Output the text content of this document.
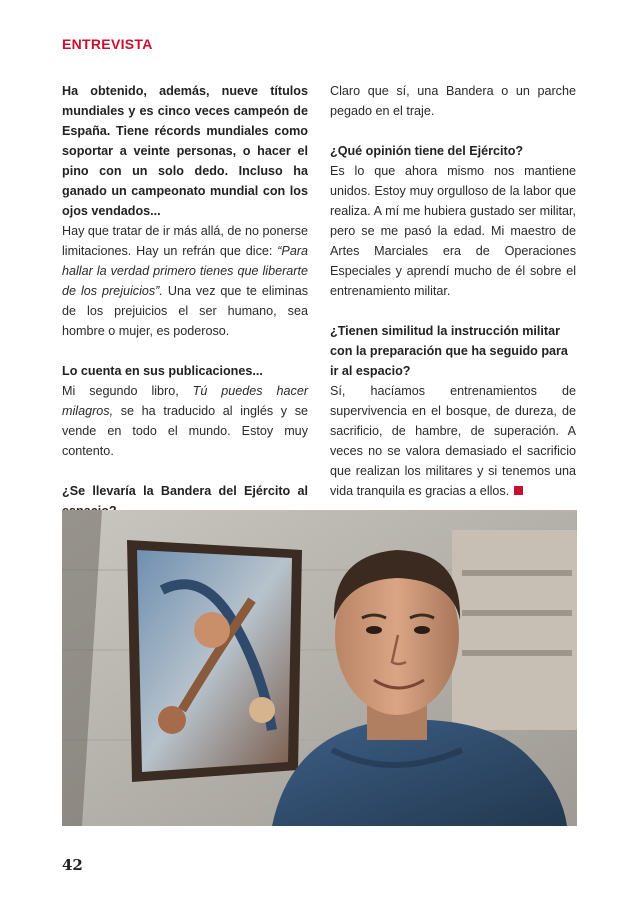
ENTREVISTA

Ha obtenido, además, nueve títulos mundiales y es cinco veces campeón de España. Tiene récords mundiales como soportar a veinte personas, o hacer el pino con un solo dedo. Incluso ha ganado un campeonato mundial con los ojos vendados...

Hay que tratar de ir más allá, de no ponerse limitaciones. Hay un refrán que dice: “Para hallar la verdad primero tienes que liberarte de los prejuicios”. Una vez que te eliminas de los prejuicios el ser humano, sea hombre o mujer, es poderoso.

Lo cuenta en sus publicaciones...

Mi segundo libro, Tú puedes hacer milagros, se ha traducido al inglés y se vende en todo el mundo. Estoy muy contento.

¿Se llevaría la Bandera del Ejército al

Claro que sí, una Bandera o un parche pegado en el traje.

¿Qué opinión tiene del Ejército?

Es lo que ahora mismo nos mantiene unidos. Estoy muy orgulloso de la labor que realiza. A mí me hubiera gustado ser militar, pero se me pasó la edad. Mi maestro de Artes Marciales era de Operaciones Especiales y aprendí mucho de él sobre el entrenamiento militar.

¿Tienen similitud la instrucción militar con la preparación que ha seguido para ir al espacio?

Sí, hacíamos entrenamientos de supervivencia en el bosque, de dureza, de sacrificio, de hambre, de superación. A veces no se valora demasiado el sacrificio que realizan los militares y si tenemos una vida tranquila es gracias a ellos.

42
